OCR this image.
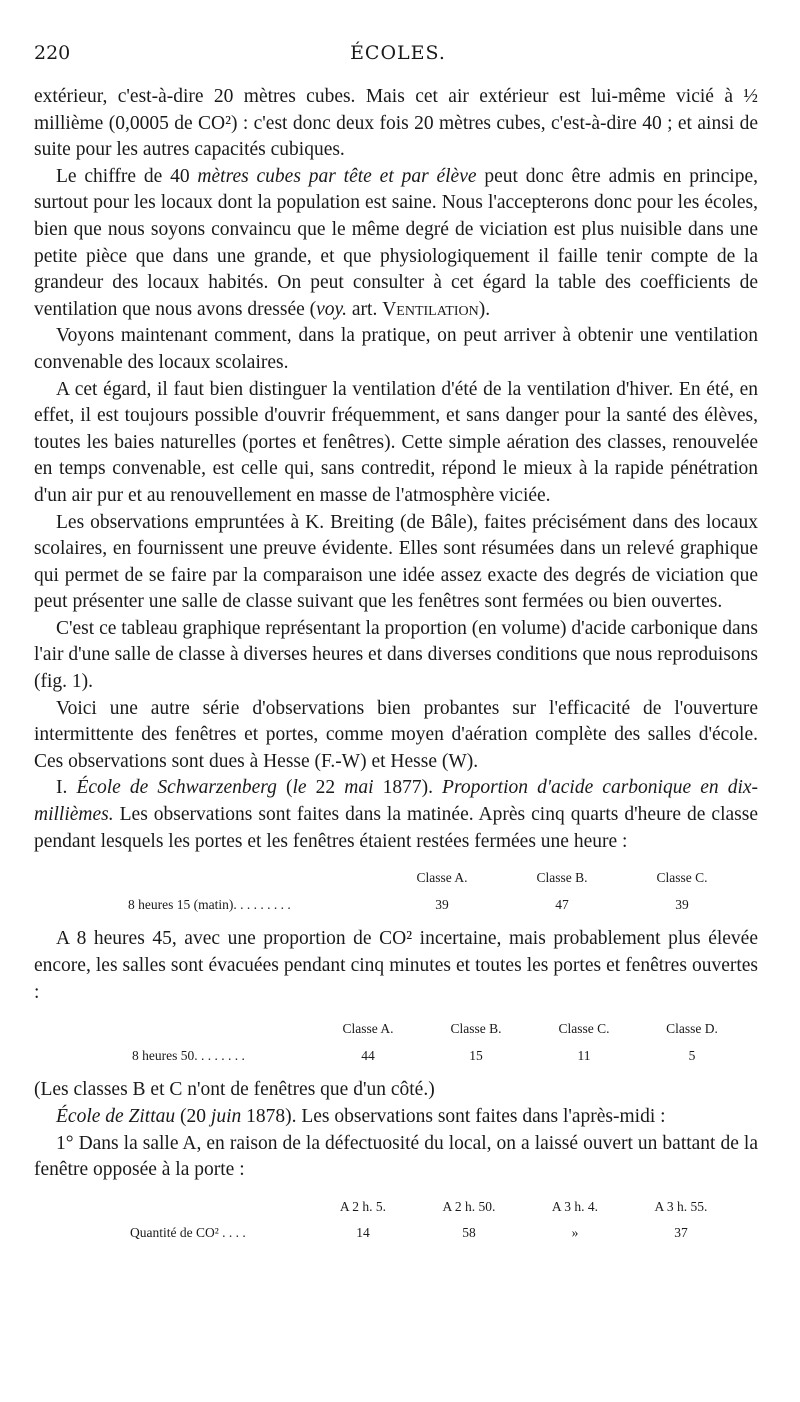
220	ÉCOLES.

extérieur, c'est-à-dire 20 mètres cubes. Mais cet air extérieur est lui-même vicié à ½ millième (0,0005 de CO²) : c'est donc deux fois 20 mètres cubes, c'est-à-dire 40 ; et ainsi de suite pour les autres capacités cubiques.

Le chiffre de 40 mètres cubes par tête et par élève peut donc être admis en principe, surtout pour les locaux dont la population est saine. Nous l'accepterons donc pour les écoles, bien que nous soyons convaincu que le même degré de viciation est plus nuisible dans une petite pièce que dans une grande, et que physiologiquement il faille tenir compte de la grandeur des locaux habités. On peut consulter à cet égard la table des coefficients de ventilation que nous avons dressée (voy. art. Ventilation).

Voyons maintenant comment, dans la pratique, on peut arriver à obtenir une ventilation convenable des locaux scolaires.

A cet égard, il faut bien distinguer la ventilation d'été de la ventilation d'hiver. En été, en effet, il est toujours possible d'ouvrir fréquemment, et sans danger pour la santé des élèves, toutes les baies naturelles (portes et fenêtres). Cette simple aération des classes, renouvelée en temps convenable, est celle qui, sans contredit, répond le mieux à la rapide pénétration d'un air pur et au renouvellement en masse de l'atmosphère viciée.

Les observations empruntées à K. Breiting (de Bâle), faites précisément dans des locaux scolaires, en fournissent une preuve évidente. Elles sont résumées dans un relevé graphique qui permet de se faire par la comparaison une idée assez exacte des degrés de viciation que peut présenter une salle de classe suivant que les fenêtres sont fermées ou bien ouvertes.

C'est ce tableau graphique représentant la proportion (en volume) d'acide carbonique dans l'air d'une salle de classe à diverses heures et dans diverses conditions que nous reproduisons (fig. 1).

Voici une autre série d'observations bien probantes sur l'efficacité de l'ouverture intermittente des fenêtres et portes, comme moyen d'aération complète des salles d'école. Ces observations sont dues à Hesse (F.-W) et Hesse (W).

I. École de Schwarzenberg (le 22 mai 1877). Proportion d'acide carbonique en dix-millièmes. Les observations sont faites dans la matinée. Après cinq quarts d'heure de classe pendant lesquels les portes et les fenêtres étaient restées fermées une heure :

	Classe A.	Classe B.	Classe C.
8 heures 15 (matin). . . . . . . . .	39	47	39

A 8 heures 45, avec une proportion de CO² incertaine, mais probablement plus élevée encore, les salles sont évacuées pendant cinq minutes et toutes les portes et fenêtres ouvertes :

	Classe A.	Classe B.	Classe C.	Classe D.
8 heures 50. . . . . . . .	44	15	11	5

(Les classes B et C n'ont de fenêtres que d'un côté.)

École de Zittau (20 juin 1878). Les observations sont faites dans l'après-midi :

1° Dans la salle A, en raison de la défectuosité du local, on a laissé ouvert un battant de la fenêtre opposée à la porte :

	A 2 h. 5.	A 2 h. 50.	A 3 h. 4.	A 3 h. 55.
Quantité de CO² . . . .	14	58	»	37
